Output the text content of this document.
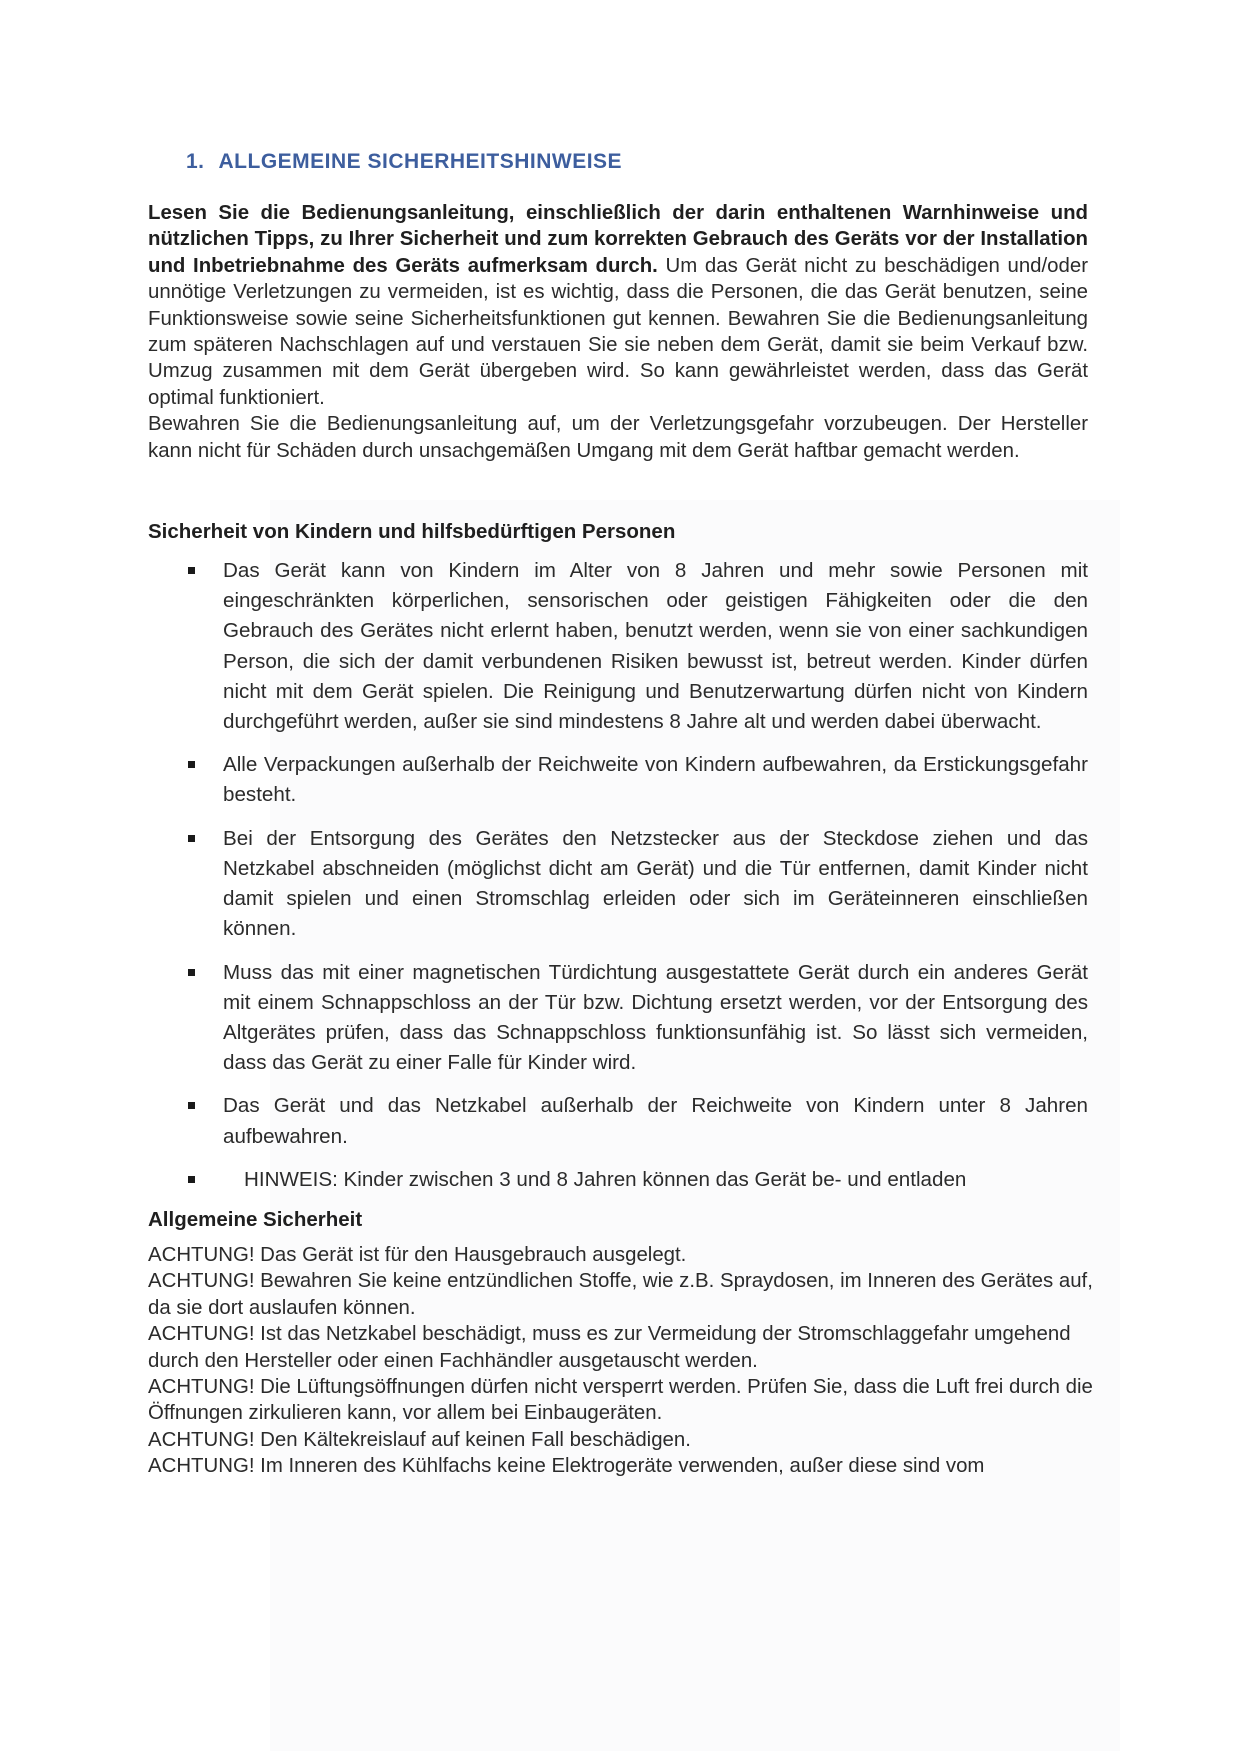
1. ALLGEMEINE SICHERHEITSHINWEISE

Lesen Sie die Bedienungsanleitung, einschließlich der darin enthaltenen Warnhinweise und nützlichen Tipps, zu Ihrer Sicherheit und zum korrekten Gebrauch des Geräts vor der Installation und Inbetriebnahme des Geräts aufmerksam durch. Um das Gerät nicht zu beschädigen und/oder unnötige Verletzungen zu vermeiden, ist es wichtig, dass die Personen, die das Gerät benutzen, seine Funktionsweise sowie seine Sicherheitsfunktionen gut kennen. Bewahren Sie die Bedienungsanleitung zum späteren Nachschlagen auf und verstauen Sie sie neben dem Gerät, damit sie beim Verkauf bzw. Umzug zusammen mit dem Gerät übergeben wird. So kann gewährleistet werden, dass das Gerät optimal funktioniert.

Bewahren Sie die Bedienungsanleitung auf, um der Verletzungsgefahr vorzubeugen. Der Hersteller kann nicht für Schäden durch unsachgemäßen Umgang mit dem Gerät haftbar gemacht werden.

Sicherheit von Kindern und hilfsbedürftigen Personen
Das Gerät kann von Kindern im Alter von 8 Jahren und mehr sowie Personen mit eingeschränkten körperlichen, sensorischen oder geistigen Fähigkeiten oder die den Gebrauch des Gerätes nicht erlernt haben, benutzt werden, wenn sie von einer sachkundigen Person, die sich der damit verbundenen Risiken bewusst ist, betreut werden. Kinder dürfen nicht mit dem Gerät spielen. Die Reinigung und Benutzerwartung dürfen nicht von Kindern durchgeführt werden, außer sie sind mindestens 8 Jahre alt und werden dabei überwacht.
Alle Verpackungen außerhalb der Reichweite von Kindern aufbewahren, da Erstickungsgefahr besteht.
Bei der Entsorgung des Gerätes den Netzstecker aus der Steckdose ziehen und das Netzkabel abschneiden (möglichst dicht am Gerät) und die Tür entfernen, damit Kinder nicht damit spielen und einen Stromschlag erleiden oder sich im Geräteinneren einschließen können.
Muss das mit einer magnetischen Türdichtung ausgestattete Gerät durch ein anderes Gerät mit einem Schnappschloss an der Tür bzw. Dichtung ersetzt werden, vor der Entsorgung des Altgerätes prüfen, dass das Schnappschloss funktionsunfähig ist. So lässt sich vermeiden, dass das Gerät zu einer Falle für Kinder wird.
Das Gerät und das Netzkabel außerhalb der Reichweite von Kindern unter 8 Jahren aufbewahren.
HINWEIS: Kinder zwischen 3 und 8 Jahren können das Gerät be- und entladen
Allgemeine Sicherheit
ACHTUNG! Das Gerät ist für den Hausgebrauch ausgelegt.
ACHTUNG! Bewahren Sie keine entzündlichen Stoffe, wie z.B. Spraydosen, im Inneren des Gerätes auf, da sie dort auslaufen können.
ACHTUNG! Ist das Netzkabel beschädigt, muss es zur Vermeidung der Stromschlaggefahr umgehend durch den Hersteller oder einen Fachhändler ausgetauscht werden.
ACHTUNG! Die Lüftungsöffnungen dürfen nicht versperrt werden. Prüfen Sie, dass die Luft frei durch die Öffnungen zirkulieren kann, vor allem bei Einbaugeräten.
ACHTUNG! Den Kältekreislauf auf keinen Fall beschädigen.
ACHTUNG! Im Inneren des Kühlfachs keine Elektrogeräte verwenden, außer diese sind vom
